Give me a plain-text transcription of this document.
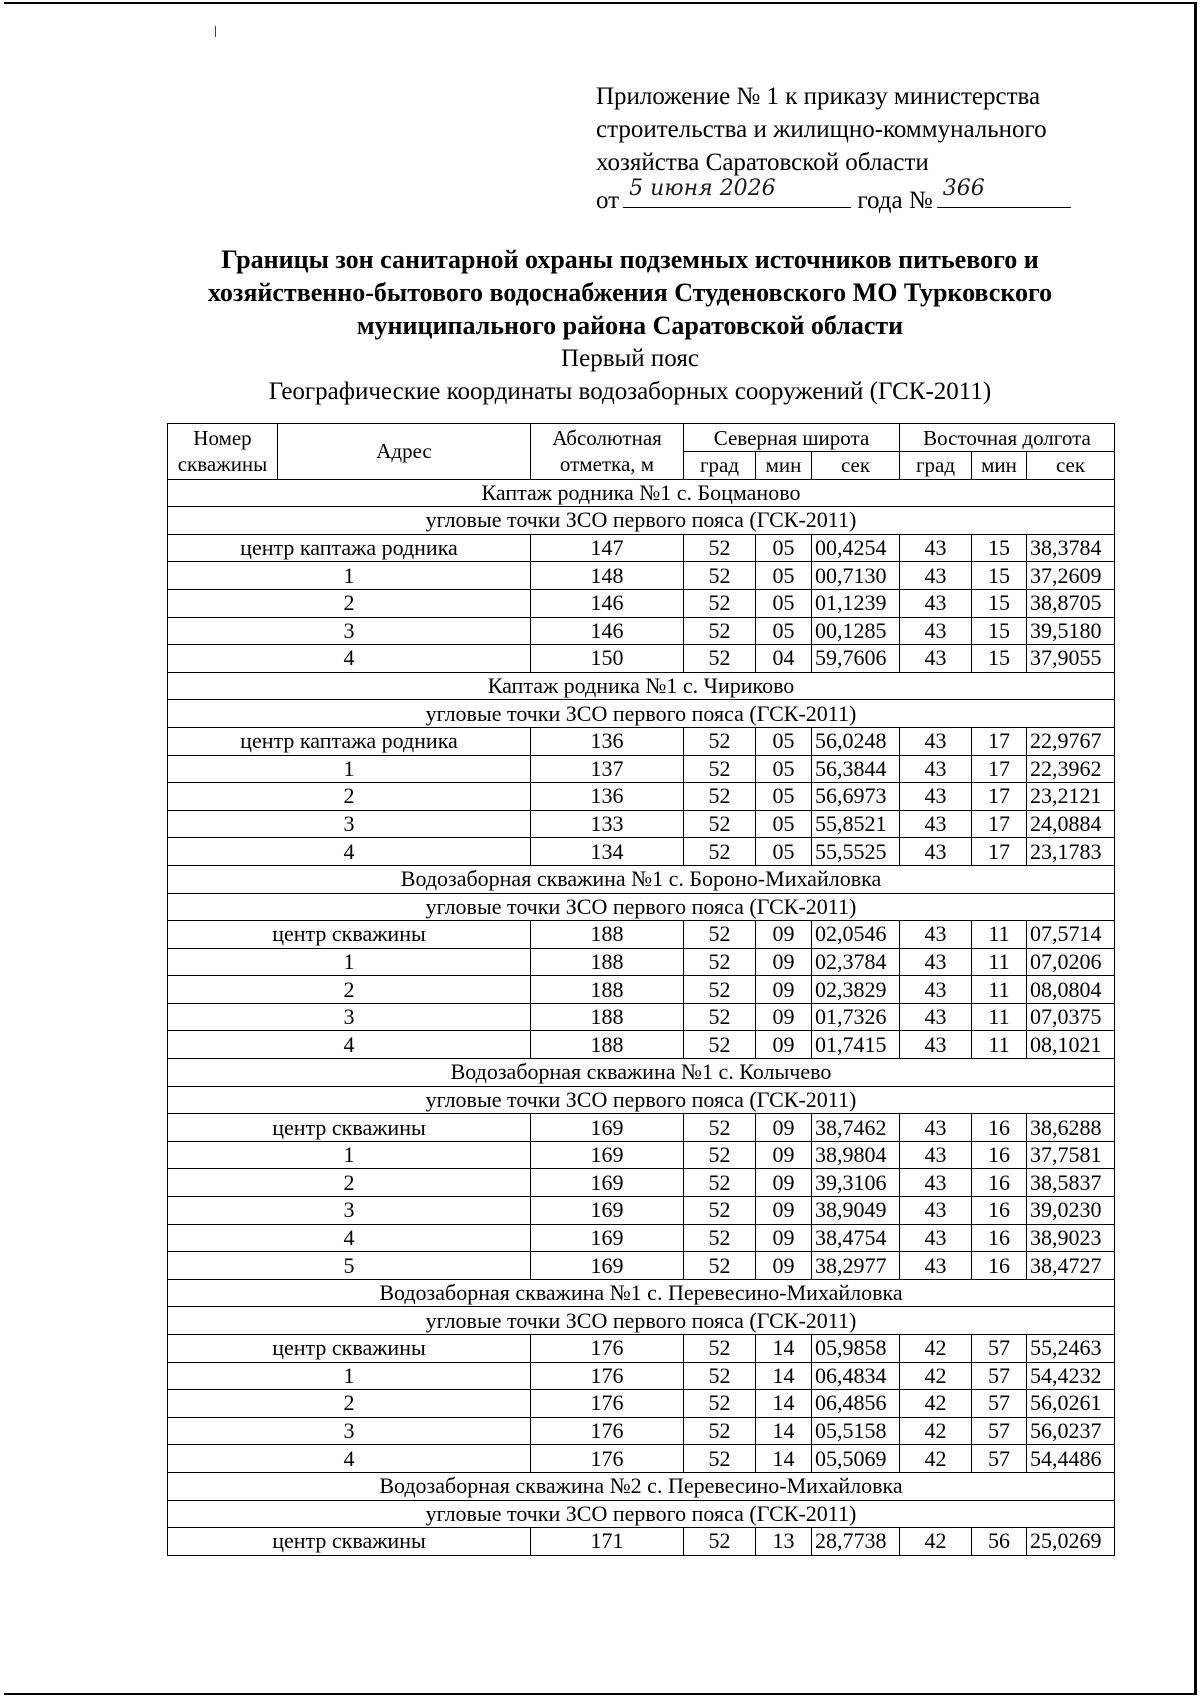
Приложение № 1 к приказу министерства
строительства и жилищно-коммунального
хозяйства Саратовской области
от 5 июня 2026	года № 366
Границы зон санитарной охраны подземных источников питьевого и
хозяйственно-бытового водоснабжения Студеновского МО Турковского
муниципального района Саратовской области
Первый пояс
Географические координаты водозаборных сооружений (ГСК-2011)
Номер скважины	Адрес	Абсолютная отметка, м	Северная широта			Восточная долгота		
			град	мин	сек	град	мин	сек
Каптаж родника №1 с. Боцманово								
угловые точки ЗСО первого пояса (ГСК-2011)								
центр каптажа родника		147	52	05	00,4254	43	15	38,3784
1		148	52	05	00,7130	43	15	37,2609
2		146	52	05	01,1239	43	15	38,8705
3		146	52	05	00,1285	43	15	39,5180
4		150	52	04	59,7606	43	15	37,9055
Каптаж родника №1 с. Чириково								
угловые точки ЗСО первого пояса (ГСК-2011)								
центр каптажа родника		136	52	05	56,0248	43	17	22,9767
1		137	52	05	56,3844	43	17	22,3962
2		136	52	05	56,6973	43	17	23,2121
3		133	52	05	55,8521	43	17	24,0884
4		134	52	05	55,5525	43	17	23,1783
Водозаборная скважина №1 с. Бороно-Михайловка								
угловые точки ЗСО первого пояса (ГСК-2011)								
центр скважины		188	52	09	02,0546	43	11	07,5714
1		188	52	09	02,3784	43	11	07,0206
2		188	52	09	02,3829	43	11	08,0804
3		188	52	09	01,7326	43	11	07,0375
4		188	52	09	01,7415	43	11	08,1021
Водозаборная скважина №1 с. Колычево								
угловые точки ЗСО первого пояса (ГСК-2011)								
центр скважины		169	52	09	38,7462	43	16	38,6288
1		169	52	09	38,9804	43	16	37,7581
2		169	52	09	39,3106	43	16	38,5837
3		169	52	09	38,9049	43	16	39,0230
4		169	52	09	38,4754	43	16	38,9023
5		169	52	09	38,2977	43	16	38,4727
Водозаборная скважина №1 с. Перевесино-Михайловка								
угловые точки ЗСО первого пояса (ГСК-2011)								
центр скважины		176	52	14	05,9858	42	57	55,2463
1		176	52	14	06,4834	42	57	54,4232
2		176	52	14	06,4856	42	57	56,0261
3		176	52	14	05,5158	42	57	56,0237
4		176	52	14	05,5069	42	57	54,4486
Водозаборная скважина №2 с. Перевесино-Михайловка								
угловые точки ЗСО первого пояса (ГСК-2011)								
центр скважины		171	52	13	28,7738	42	56	25,0269
